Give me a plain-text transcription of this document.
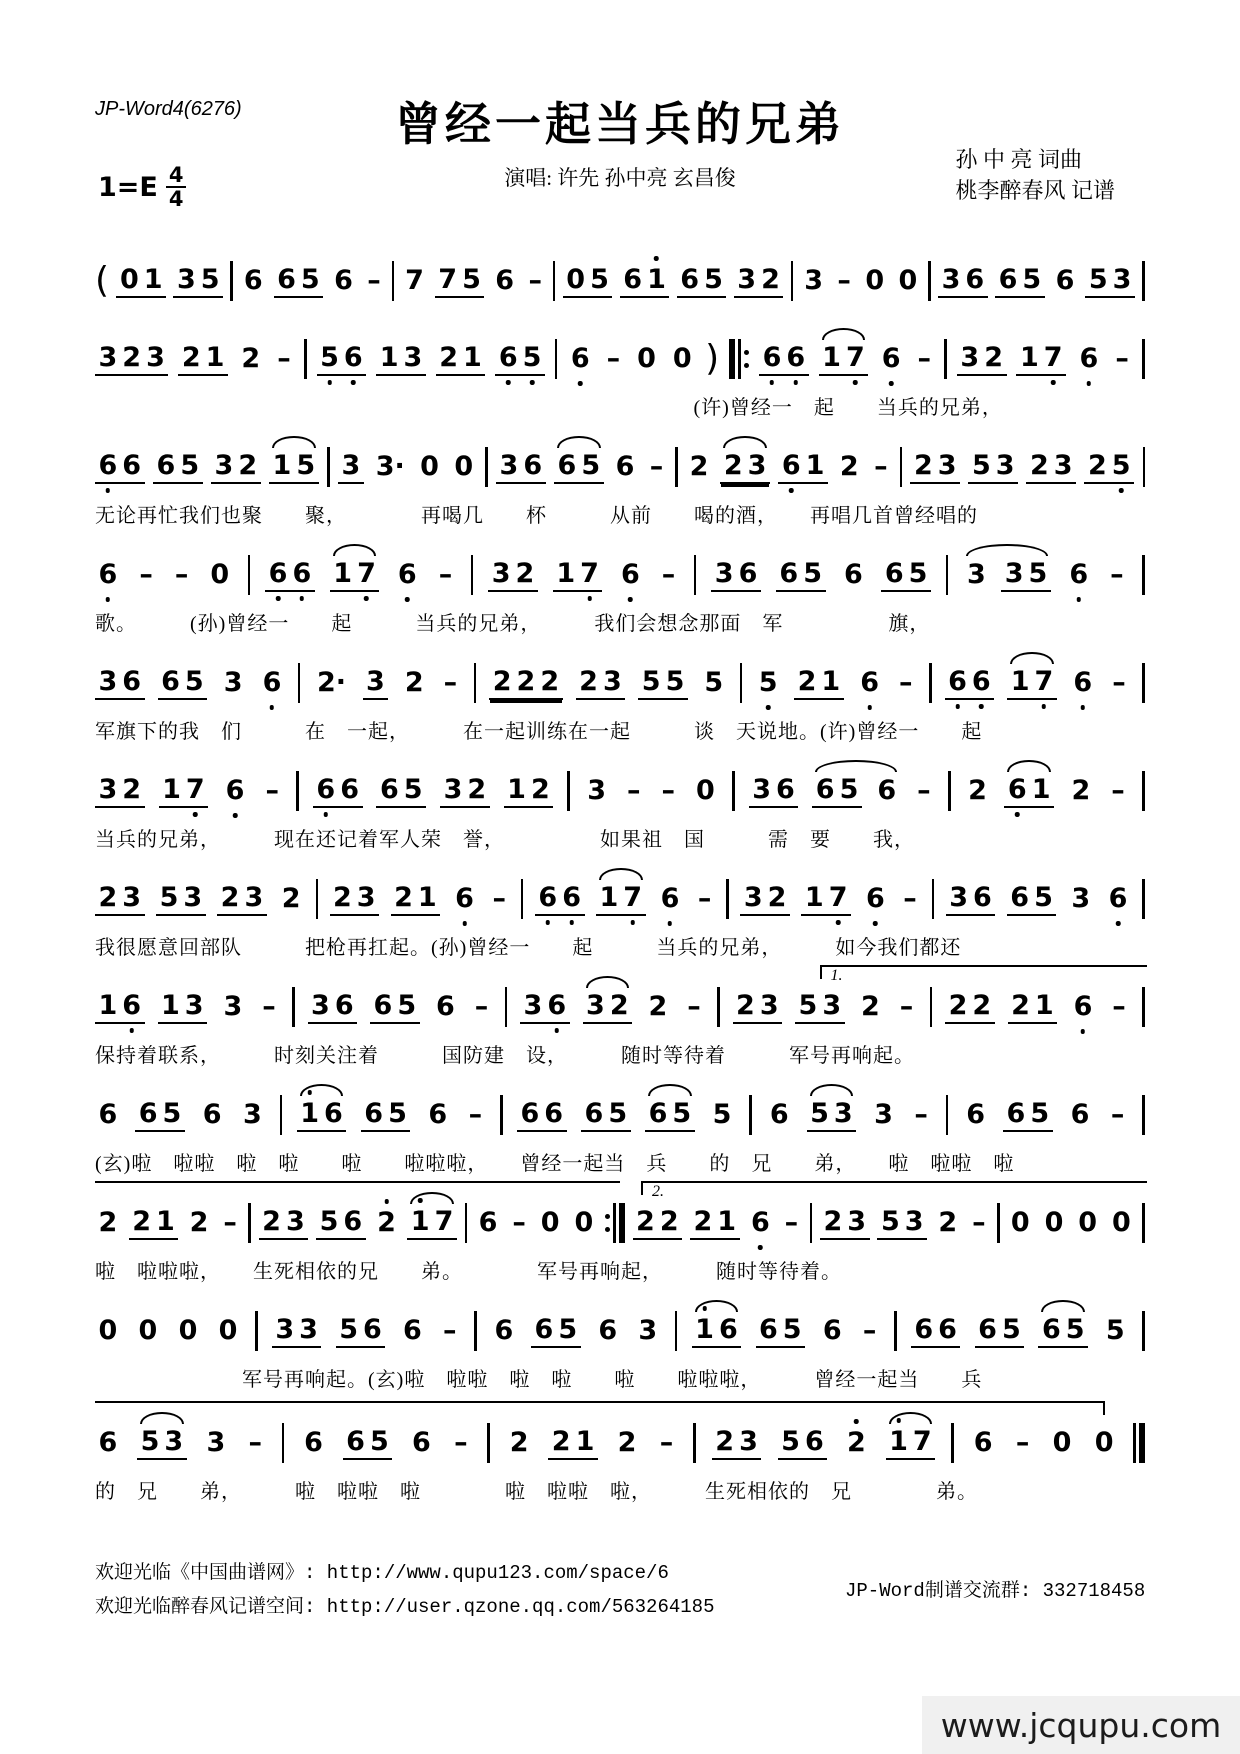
JP-Word4(6276)	曾经一起当兵的兄弟
孙 中 亮 词曲
桃李醉春风 记谱
演唱: 许先 孙中亮 玄昌俊
$1=E \frac{4}{4}$
( 0 1 3 5 6 6 5 6 – 7 7 5 6 – 0 5 6 1 6 5 3 2 3 – 0 0 3 6 6 5 6 5 3
3 2 3 2 1 2 – 5 6 1 3 2 1 6 5 6 – 0 0 ) 6 6 1 7 6 – 3 2 1 7 6 –
(许)曾经一　起　　当兵的兄弟，
6 6 6 5 3 2 1 5 3 3· 0 0 3 6 6 5 6 – 2 2 3 6 1 2 – 2 3 5 3 2 3 2 5
无论再忙我们也聚　　聚，　　　　再喝几　　杯　　　从前　　喝的酒，　　再唱几首曾经唱的
6 – – 0 6 6 1 7 6 – 3 2 1 7 6 – 3 6 6 5 6 6 5 3 3 5 6 –
歌。　　　(孙)曾经一　　起　　　当兵的兄弟，　　　我们会想念那面　军　　　　　旗，
3 6 6 5 3 6 2· 3 2 – 2 2 2 2 3 5 5 5 5 2 1 6 – 6 6 1 7 6 –
军旗下的我　们　　　在　一起，　　　在一起训练在一起　　　谈　天说地。(许)曾经一　　起
3 2 1 7 6 – 6 6 6 5 3 2 1 2 3 – – 0 3 6 6 5 6 – 2 6 1 2 –
当兵的兄弟，　　　现在还记着军人荣　誉，　　　　　如果祖　国　　　需　要　　我，
2 3 5 3 2 3 2 2 3 2 1 6 – 6 6 1 7 6 – 3 2 1 7 6 – 3 6 6 5 3 6
我很愿意回部队　　　把枪再扛起。(孙)曾经一　　起　　　当兵的兄弟，　　　如今我们都还
1.
1 6 1 3 3 – 3 6 6 5 6 – 3 6 3 2 2 – 2 3 5 3 2 – 2 2 2 1 6 –
保持着联系，　　　时刻关注着　　　国防建　设，　　　随时等待着　　　军号再响起。
6 6 5 6 3 1 6 6 5 6 – 6 6 6 5 6 5 5 6 5 3 3 – 6 6 5 6 –
(玄)啦　啦啦　啦　啦　　啦　　啦啦啦，　　曾经一起当　兵　　的　兄　　弟，　　啦　啦啦　啦
2.
2 2 1 2 – 2 3 5 6 2 1 7 6 – 0 0 2 2 2 1 6 – 2 3 5 3 2 – 0 0 0 0
啦　啦啦啦，　　生死相依的兄　　弟。　　　　军号再响起，　　　随时等待着。
0 0 0 0 3 3 5 6 6 – 6 6 5 6 3 1 6 6 5 6 – 6 6 6 5 6 5 5
军号再响起。(玄)啦　啦啦　啦　啦　　啦　　啦啦啦，　　　曾经一起当　　兵
6 5 3 3 – 6 6 5 6 – 2 2 1 2 – 2 3 5 6 2 1 7 6 – 0 0
的　兄　　弟，　　　啦　啦啦　啦　　　　啦　啦啦　啦，　　　生死相依的　兄　　　　弟。
欢迎光临《中国曲谱网》: http://www.qupu123.com/space/6
欢迎光临醉春风记谱空间: http://user.qzone.qq.com/563264185
JP-Word制谱交流群: 332718458
www.jcqupu.com
